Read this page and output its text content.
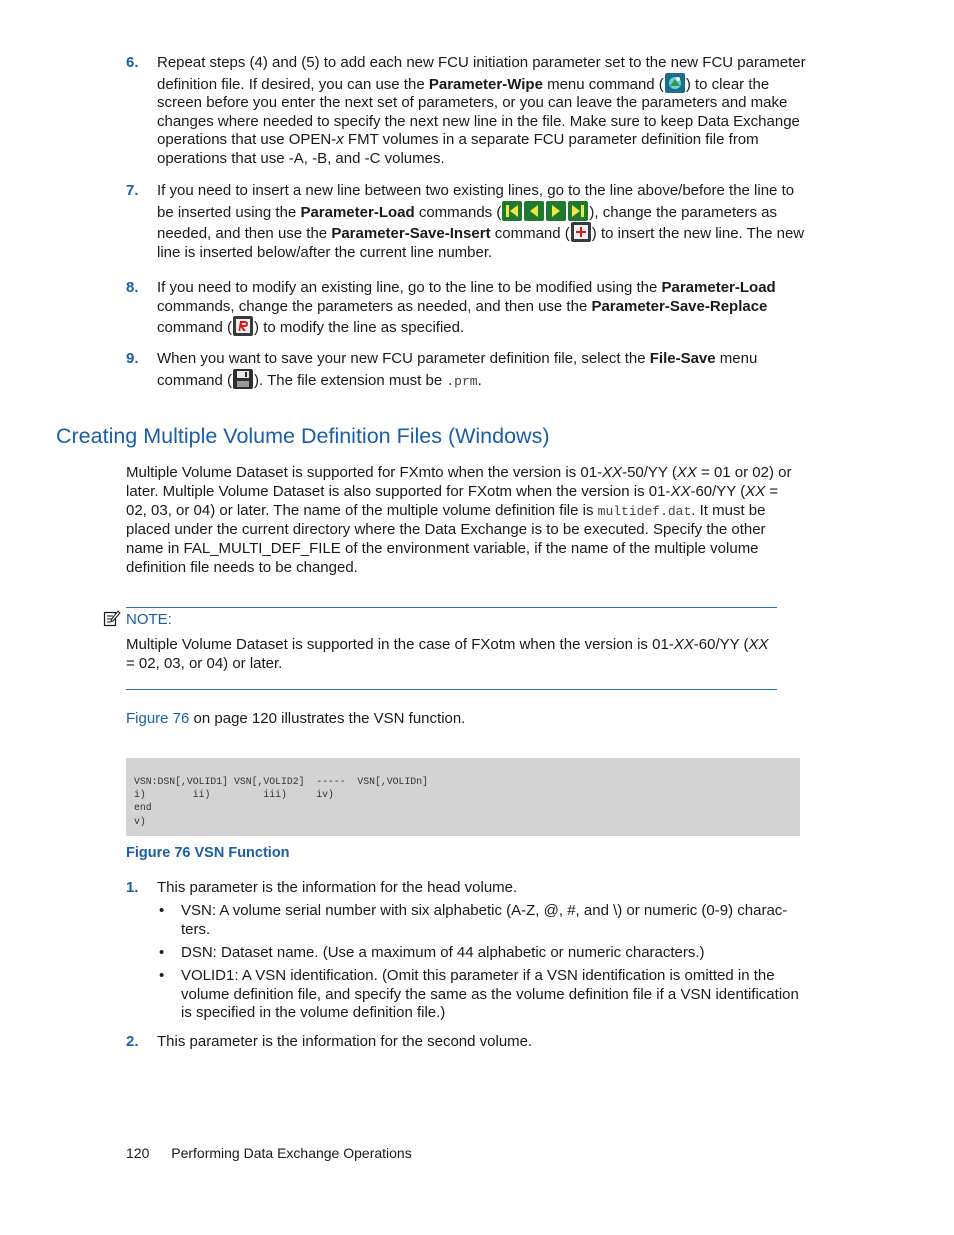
6. Repeat steps (4) and (5) to add each new FCU initiation parameter set to the new FCU parameter definition file. If desired, you can use the Parameter-Wipe menu command ( ) to clear the screen before you enter the next set of parameters, or you can leave the parameters and make changes where needed to specify the next new line in the file. Make sure to keep Data Exchange operations that use OPEN-x FMT volumes in a separate FCU parameter definition file from operations that use -A, -B, and -C volumes.
7. If you need to insert a new line between two existing lines, go to the line above/before the line to be inserted using the Parameter-Load commands (	), change the parameters as needed, and then use the Parameter-Save-Insert command ( ) to insert the new line. The new line is inserted below/after the current line number.
8. If you need to modify an existing line, go to the line to be modified using the Parameter-Load commands, change the parameters as needed, and then use the Parameter-Save-Replace command ( ) to modify the line as specified.
9. When you want to save your new FCU parameter definition file, select the File-Save menu command ( ). The file extension must be .prm.
Creating Multiple Volume Definition Files (Windows)
Multiple Volume Dataset is supported for FXmto when the version is 01-XX-50/YY (XX = 01 or 02) or later. Multiple Volume Dataset is also supported for FXotm when the version is 01-XX-60/YY (XX = 02, 03, or 04) or later. The name of the multiple volume definition file is multidef.dat. It must be placed under the current directory where the Data Exchange is to be executed. Specify the other name in FAL_MULTI_DEF_FILE of the environment variable, if the name of the multiple volume definition file needs to be changed.
NOTE:
Multiple Volume Dataset is supported in the case of FXotm when the version is 01-XX-60/YY (XX = 02, 03, or 04) or later.
Figure 76 on page 120 illustrates the VSN function.
VSN:DSN[,VOLID1] VSN[,VOLID2]  -----  VSN[,VOLIDn]
i)        ii)         iii)     iv)
end
v)
Figure 76 VSN Function
1. This parameter is the information for the head volume.
• VSN: A volume serial number with six alphabetic (A-Z, @, #, and \) or numeric (0-9) charac-ters.
• DSN: Dataset name. (Use a maximum of 44 alphabetic or numeric characters.)
• VOLID1: A VSN identification. (Omit this parameter if a VSN identification is omitted in the volume definition file, and specify the same as the volume definition file if a VSN identification is specified in the volume definition file.)
2. This parameter is the information for the second volume.
120 Performing Data Exchange Operations
